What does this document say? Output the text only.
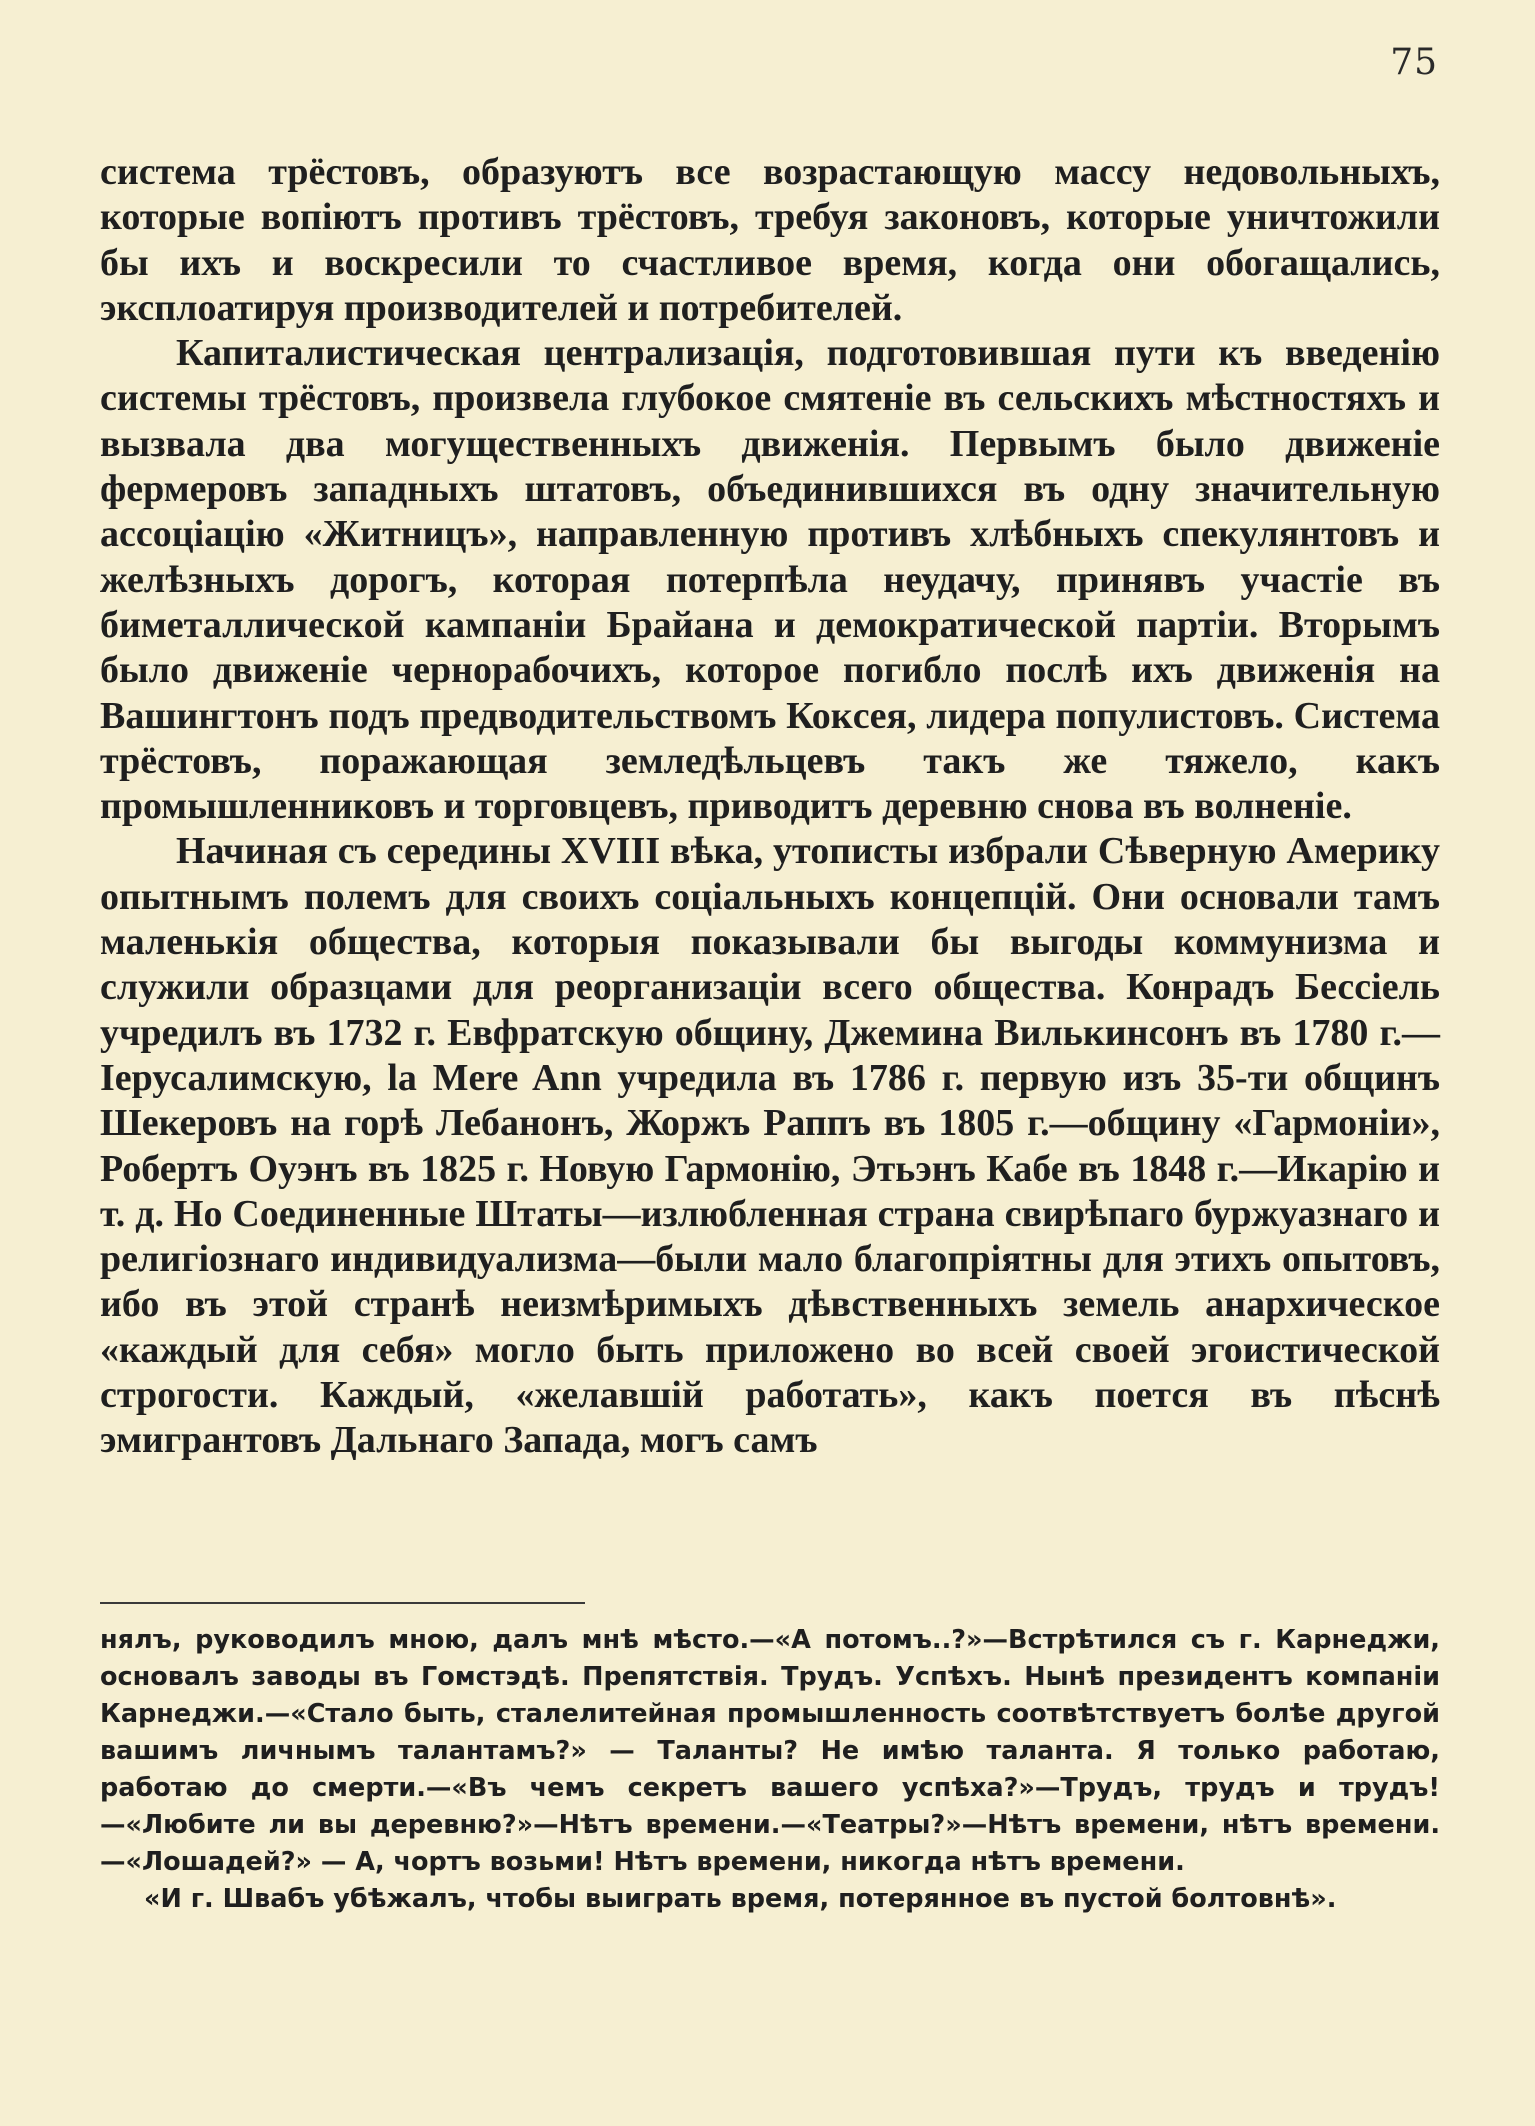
75

система трёстовъ, образуютъ все возрастающую массу недовольныхъ, которые вопіютъ противъ трёстовъ, требуя законовъ, которые уничтожили бы ихъ и воскресили то счастливое время, когда они обогащались, эксплоатируя производителей и потребителей.

Капиталистическая централизація, подготовившая пути къ введенію системы трёстовъ, произвела глубокое смятеніе въ сельскихъ мѣстностяхъ и вызвала два могущественныхъ движенія. Первымъ было движеніе фермеровъ западныхъ штатовъ, объединившихся въ одну значительную ассоціацію «Житницъ», направленную противъ хлѣбныхъ спекулянтовъ и желѣзныхъ дорогъ, которая потерпѣла неудачу, принявъ участіе въ биметаллической кампаніи Брайана и демократической партіи. Вторымъ было движеніе чернорабочихъ, которое погибло послѣ ихъ движенія на Вашингтонъ подъ предводительствомъ Кокcея, лидера популистовъ. Система трёстовъ, поражающая земледѣльцевъ такъ же тяжело, какъ промышленниковъ и торговцевъ, приводитъ деревню снова въ волненіе.

Начиная съ середины XVIII вѣка, утописты избрали Сѣверную Америку опытнымъ полемъ для своихъ соціальныхъ концепцій. Они основали тамъ маленькія общества, которыя показывали бы выгоды коммунизма и служили образцами для реорганизаціи всего общества. Конрадъ Бессіель учредилъ въ 1732 г. Евфратскую общину, Джемина Вилькинсонъ въ 1780 г.—Іерусалимскую, la Mere Ann учредила въ 1786 г. первую изъ 35-ти общинъ Шекеровъ на горѣ Лебанонъ, Жоржъ Раппъ въ 1805 г.—общину «Гармоніи», Робертъ Оуэнъ въ 1825 г. Новую Гармонію, Этьэнъ Кабе въ 1848 г.—Икарію и т. д. Но Соединенные Штаты—излюбленная страна свирѣпаго буржуазнаго и религіознаго индивидуализма—были мало благопріятны для этихъ опытовъ, ибо въ этой странѣ неизмѣримыхъ дѣвственныхъ земель анархическое «каждый для себя» могло быть приложено во всей своей эгоистической строгости. Каждый, «желавшій работать», какъ поется въ пѣснѣ эмигрантовъ Дальнаго Запада, могъ самъ

нялъ, руководилъ мною, далъ мнѣ мѣсто.—«А потомъ..?»—Встрѣтился съ г. Карнеджи, основалъ заводы въ Гомстэдѣ. Препятствія. Трудъ. Успѣхъ. Нынѣ президентъ компаніи Карнеджи.—«Стало быть, сталелитейная промышленность соотвѣтствуетъ болѣе другой вашимъ личнымъ талантамъ?» — Таланты? Не имѣю таланта. Я только работаю, работаю до смерти.—«Въ чемъ секретъ вашего успѣха?»—Трудъ, трудъ и трудъ!—«Любите ли вы деревню?»—Нѣтъ времени.—«Театры?»—Нѣтъ времени, нѣтъ времени.—«Лошадей?» — А, чортъ возьми! Нѣтъ времени, никогда нѣтъ времени.

«И г. Швабъ убѣжалъ, чтобы выиграть время, потерянное въ пустой болтовнѣ».
